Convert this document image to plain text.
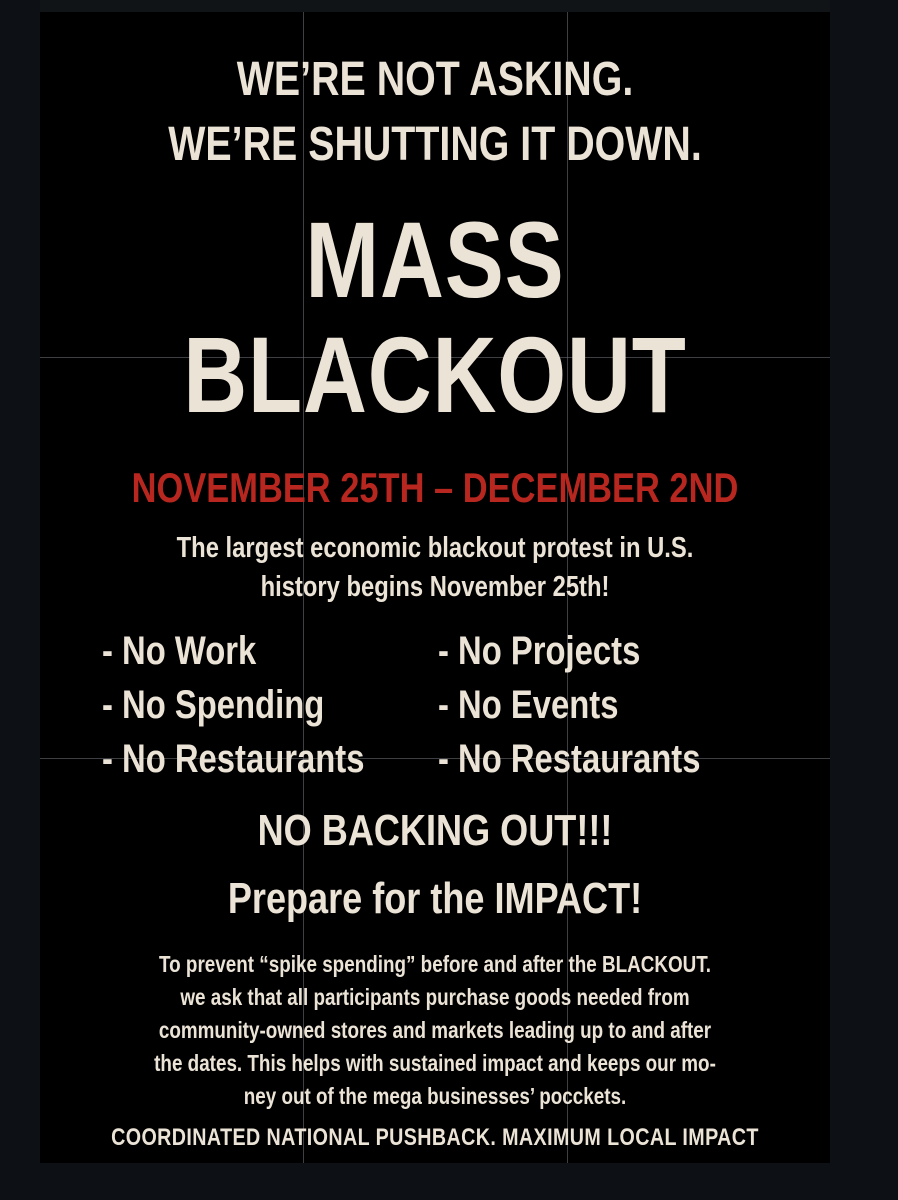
WE’RE NOT ASKING.
WE’RE SHUTTING IT DOWN.
MASS
BLACKOUT
NOVEMBER 25TH – DECEMBER 2ND
The largest economic blackout protest in U.S.
history begins November 25th!
- No Work
- No Spending
- No Restaurants
- No Projects
- No Events
- No Restaurants
NO BACKING OUT!!!
Prepare for the IMPACT!
To prevent “spike spending” before and after the BLACKOUT.
we ask that all participants purchase goods needed from
community-owned stores and markets leading up to and after
the dates. This helps with sustained impact and keeps our mo-
ney out of the mega businesses’ pocckets.
COORDINATED NATIONAL PUSHBACK. MAXIMUM LOCAL IMPACT
